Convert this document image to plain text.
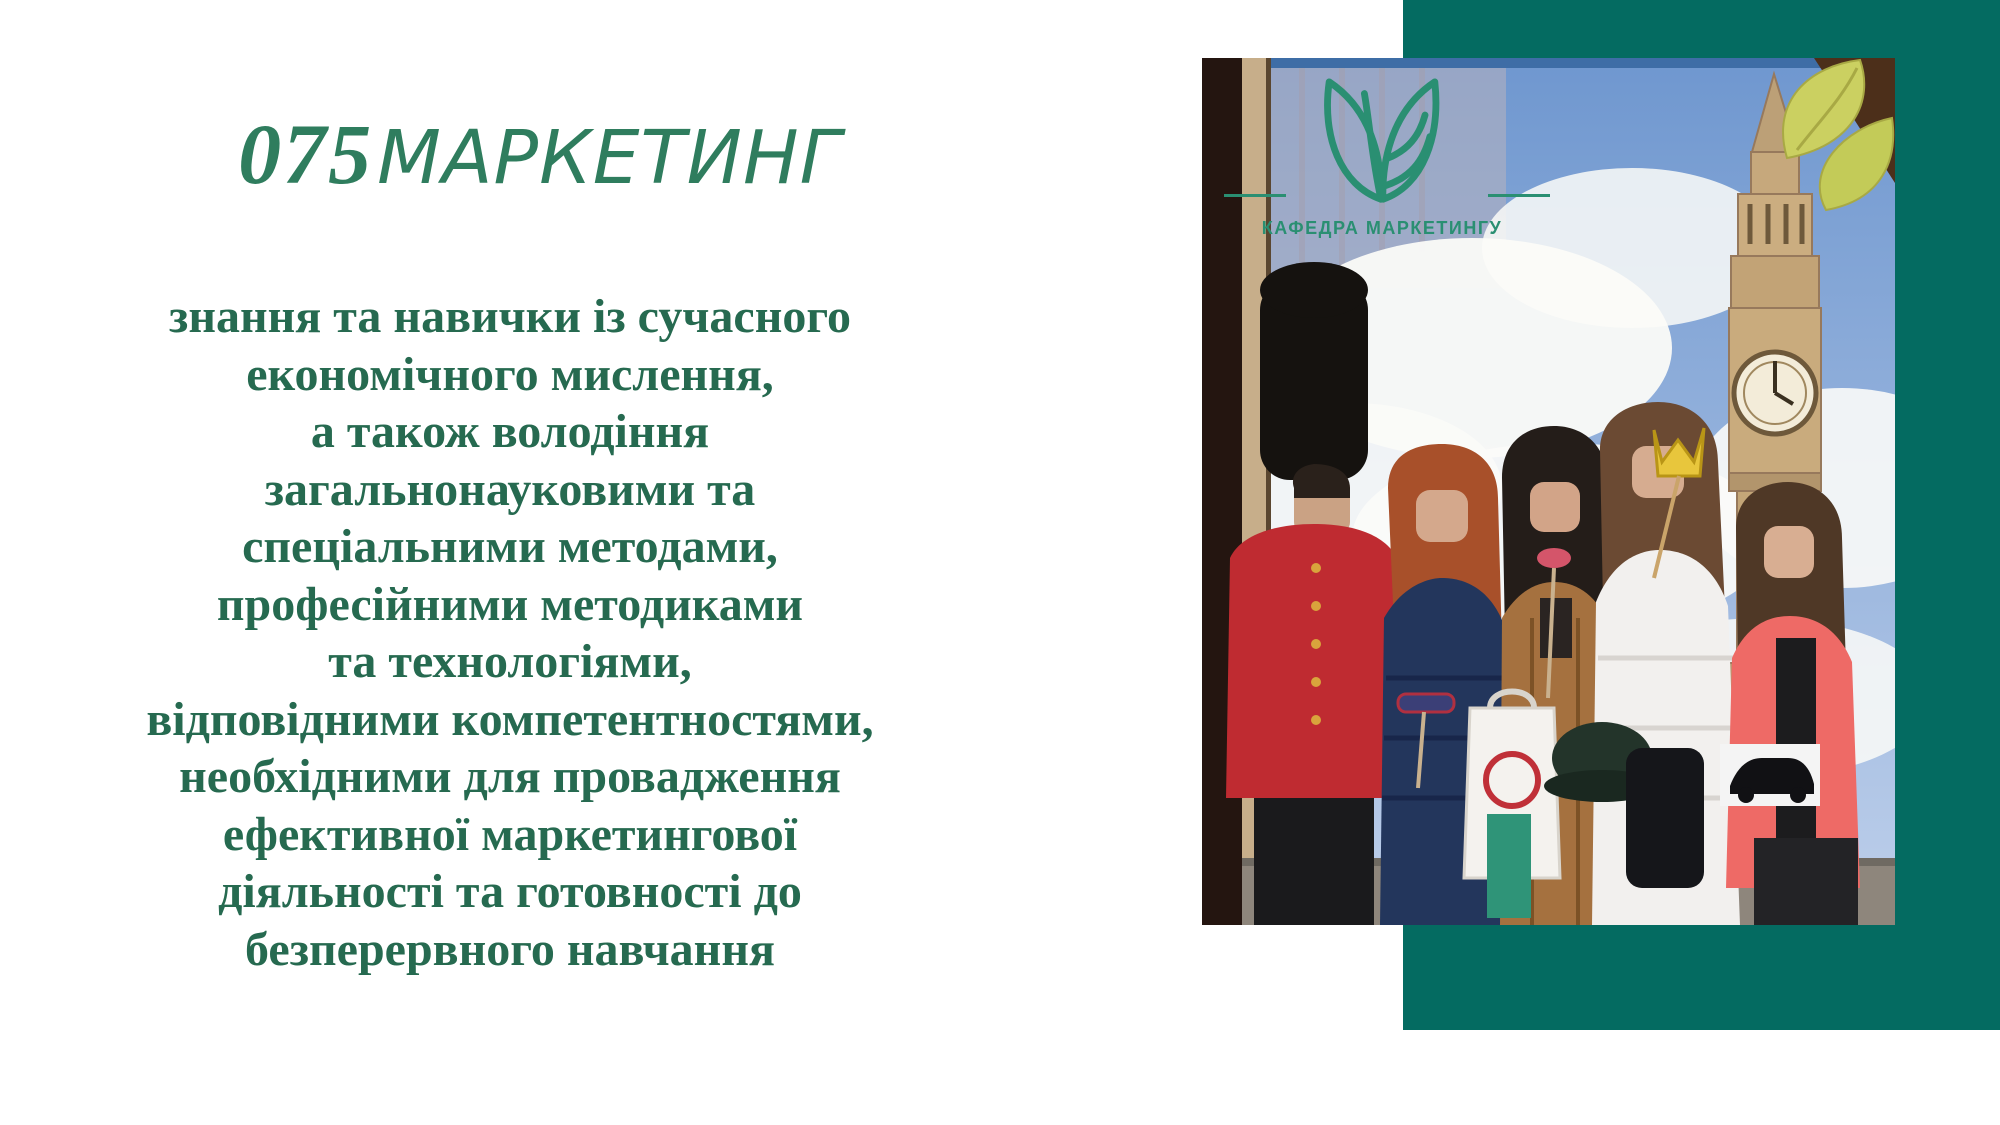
075 МАРКЕТИНГ
знання та навички із сучасного
економічного мислення,
а також володіння
загальнонауковими та
спеціальними методами,
професійними методиками
та технологіями,
відповідними компетентностями,
необхідними для провадження
ефективної маркетингової
діяльності та готовності до
безперервного навчання
КАФЕДРА МАРКЕТИНГУ
